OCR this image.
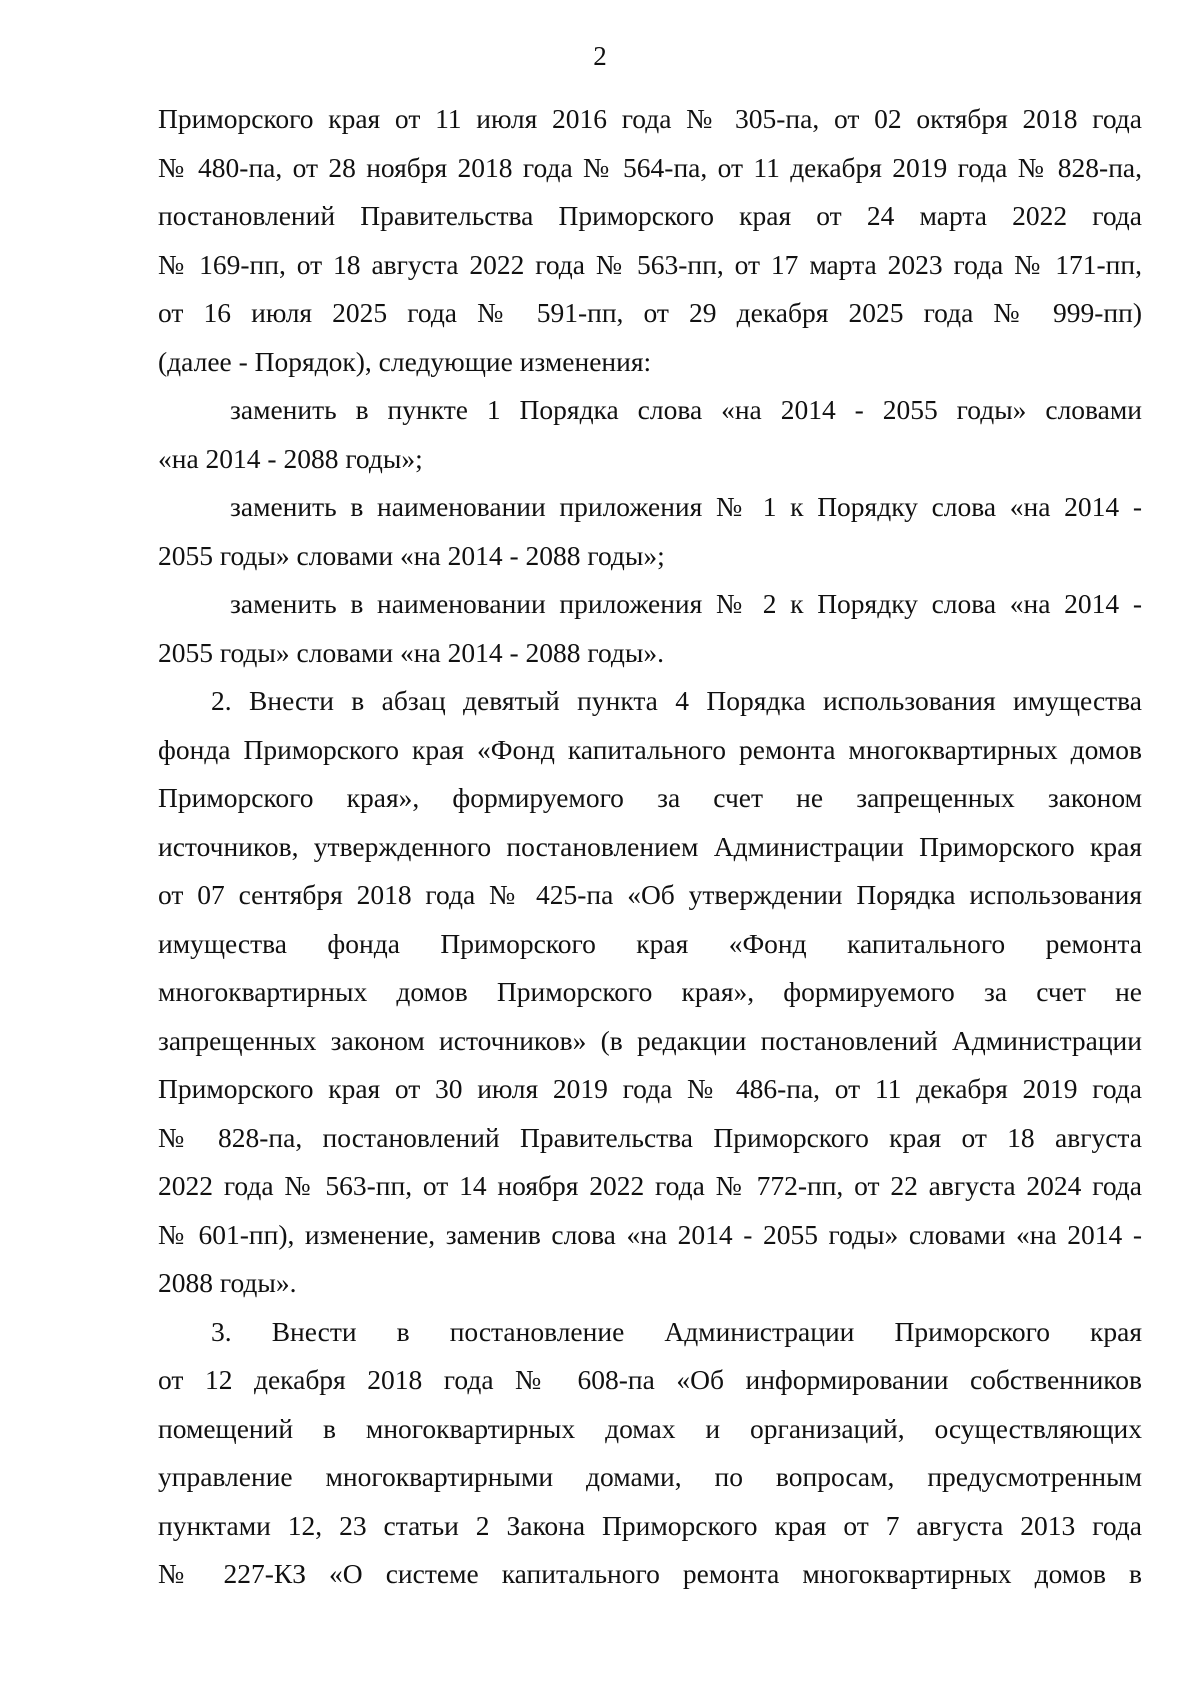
2
Приморского края от 11 июля 2016 года № 305-па, от 02 октября 2018 года
№ 480-па, от 28 ноября 2018 года № 564-па, от 11 декабря 2019 года № 828-па,
постановлений Правительства Приморского края от 24 марта 2022 года
№ 169-пп, от 18 августа 2022 года № 563-пп, от 17 марта 2023 года № 171-пп,
от 16 июля 2025 года № 591-пп, от 29 декабря 2025 года № 999-пп)
(далее - Порядок), следующие изменения:
заменить в пункте 1 Порядка слова «на 2014 - 2055 годы» словами
«на 2014 - 2088 годы»;
заменить в наименовании приложения № 1 к Порядку слова «на 2014 -
2055 годы» словами «на 2014 - 2088 годы»;
заменить в наименовании приложения № 2 к Порядку слова «на 2014 -
2055 годы» словами «на 2014 - 2088 годы».
2. Внести в абзац девятый пункта 4 Порядка использования имущества
фонда Приморского края «Фонд капитального ремонта многоквартирных домов
Приморского края», формируемого за счет не запрещенных законом
источников, утвержденного постановлением Администрации Приморского края
от 07 сентября 2018 года № 425-па «Об утверждении Порядка использования
имущества фонда Приморского края «Фонд капитального ремонта
многоквартирных домов Приморского края», формируемого за счет не
запрещенных законом источников» (в редакции постановлений Администрации
Приморского края от 30 июля 2019 года № 486-па, от 11 декабря 2019 года
№ 828-па, постановлений Правительства Приморского края от 18 августа
2022 года № 563-пп, от 14 ноября 2022 года № 772-пп, от 22 августа 2024 года
№ 601-пп), изменение, заменив слова «на 2014 - 2055 годы» словами «на 2014 -
2088 годы».
3. Внести в постановление Администрации Приморского края
от 12 декабря 2018 года № 608-па «Об информировании собственников
помещений в многоквартирных домах и организаций, осуществляющих
управление многоквартирными домами, по вопросам, предусмотренным
пунктами 12, 23 статьи 2 Закона Приморского края от 7 августа 2013 года
№ 227-КЗ «О системе капитального ремонта многоквартирных домов в
